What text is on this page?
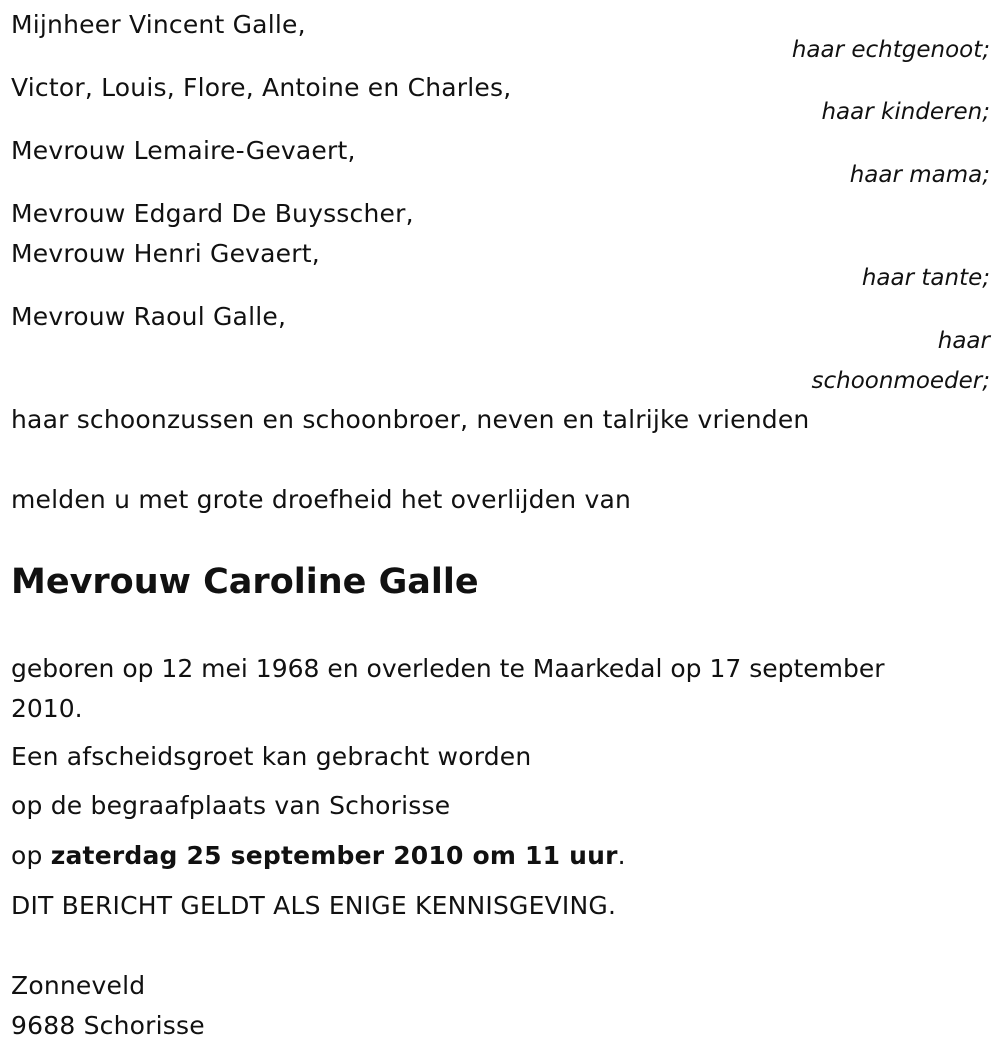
Mijnheer Vincent Galle,
haar echtgenoot;
Victor, Louis, Flore, Antoine en Charles,
haar kinderen;
Mevrouw Lemaire-Gevaert,
haar mama;
Mevrouw Edgard De Buysscher,
Mevrouw Henri Gevaert,
haar tante;
Mevrouw Raoul Galle,
haar
schoonmoeder;
haar schoonzussen en schoonbroer, neven en talrijke vrienden
melden u met grote droefheid het overlijden van
Mevrouw Caroline Galle
geboren op 12 mei 1968 en overleden te Maarkedal op 17 september 2010.
Een afscheidsgroet kan gebracht worden
op de begraafplaats van Schorisse
op zaterdag 25 september 2010 om 11 uur.
DIT BERICHT GELDT ALS ENIGE KENNISGEVING.
Zonneveld
9688 Schorisse
